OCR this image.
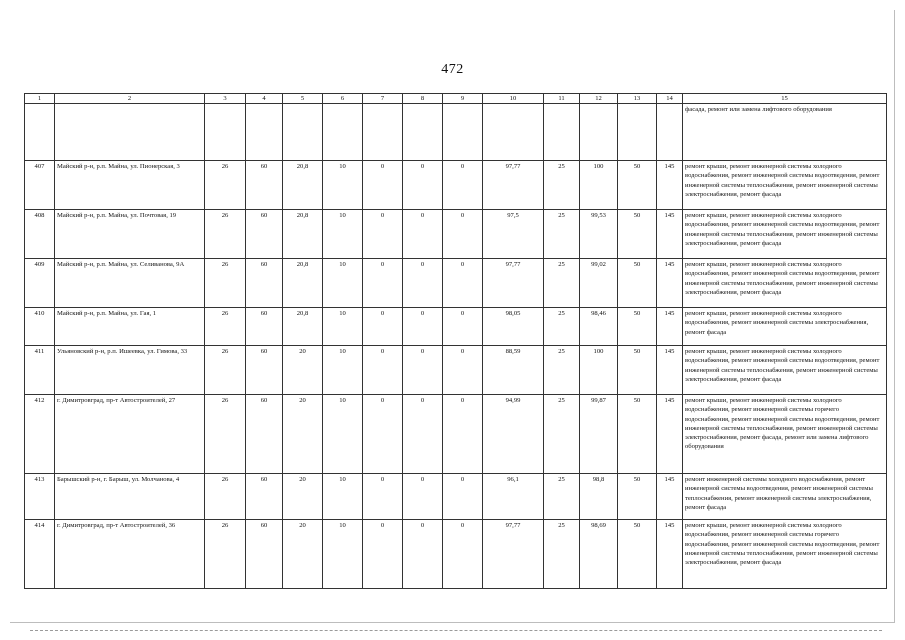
472
1	2	3	4	5	6	7	8	9	10	11	12	13	14	15
														фасада, ремонт или замена лифтового оборудования
407	Майский р-н, р.п. Майна, ул. Пионерская, 3	26	60	20,8	10	0	0	0	97,77	25	100	50	145	ремонт крыши, ремонт инженерной системы холодного водоснабжения, ремонт инженерной системы водоотведения, ремонт инженерной системы теплоснабжения, ремонт инженерной системы электроснабжения, ремонт фасада
408	Майский р-н, р.п. Майна, ул. Почтовая, 19	26	60	20,8	10	0	0	0	97,5	25	99,53	50	145	ремонт крыши, ремонт инженерной системы холодного водоснабжения, ремонт инженерной системы водоотведения, ремонт инженерной системы теплоснабжения, ремонт инженерной системы электроснабжения, ремонт фасада
409	Майский р-н, р.п. Майна, ул. Селиванова, 9А	26	60	20,8	10	0	0	0	97,77	25	99,02	50	145	ремонт крыши, ремонт инженерной системы холодного водоснабжения, ремонт инженерной системы водоотведения, ремонт инженерной системы теплоснабжения, ремонт инженерной системы электроснабжения, ремонт фасада
410	Майский р-н, р.п. Майна, ул. Гая, 1	26	60	20,8	10	0	0	0	98,05	25	98,46	50	145	ремонт крыши, ремонт инженерной системы холодного водоснабжения, ремонт инженерной системы электроснабжения, ремонт фасада
411	Ульяновский р-н, р.п. Ишеевка, ул. Гимова, 33	26	60	20	10	0	0	0	88,59	25	100	50	145	ремонт крыши, ремонт инженерной системы холодного водоснабжения, ремонт инженерной системы водоотведения, ремонт инженерной системы теплоснабжения, ремонт инженерной системы электроснабжения, ремонт фасада
412	г. Димитровград, пр-т Автостроителей, 27	26	60	20	10	0	0	0	94,99	25	99,87	50	145	ремонт крыши, ремонт инженерной системы холодного водоснабжения, ремонт инженерной системы горячего водоснабжения, ремонт инженерной системы водоотведения, ремонт инженерной системы теплоснабжения, ремонт инженерной системы электроснабжения, ремонт фасада, ремонт или замена лифтового оборудования
413	Барышский р-н, г. Барыш, ул. Молчанова, 4	26	60	20	10	0	0	0	96,1	25	98,8	50	145	ремонт инженерной системы холодного водоснабжения, ремонт инженерной системы водоотведения, ремонт инженерной системы теплоснабжения, ремонт инженерной системы электроснабжения, ремонт фасада
414	г. Димитровград, пр-т Автостроителей, 36	26	60	20	10	0	0	0	97,77	25	98,69	50	145	ремонт крыши, ремонт инженерной системы холодного водоснабжения, ремонт инженерной системы горячего водоснабжения, ремонт инженерной системы водоотведения, ремонт инженерной системы теплоснабжения, ремонт инженерной системы электроснабжения, ремонт фасада
